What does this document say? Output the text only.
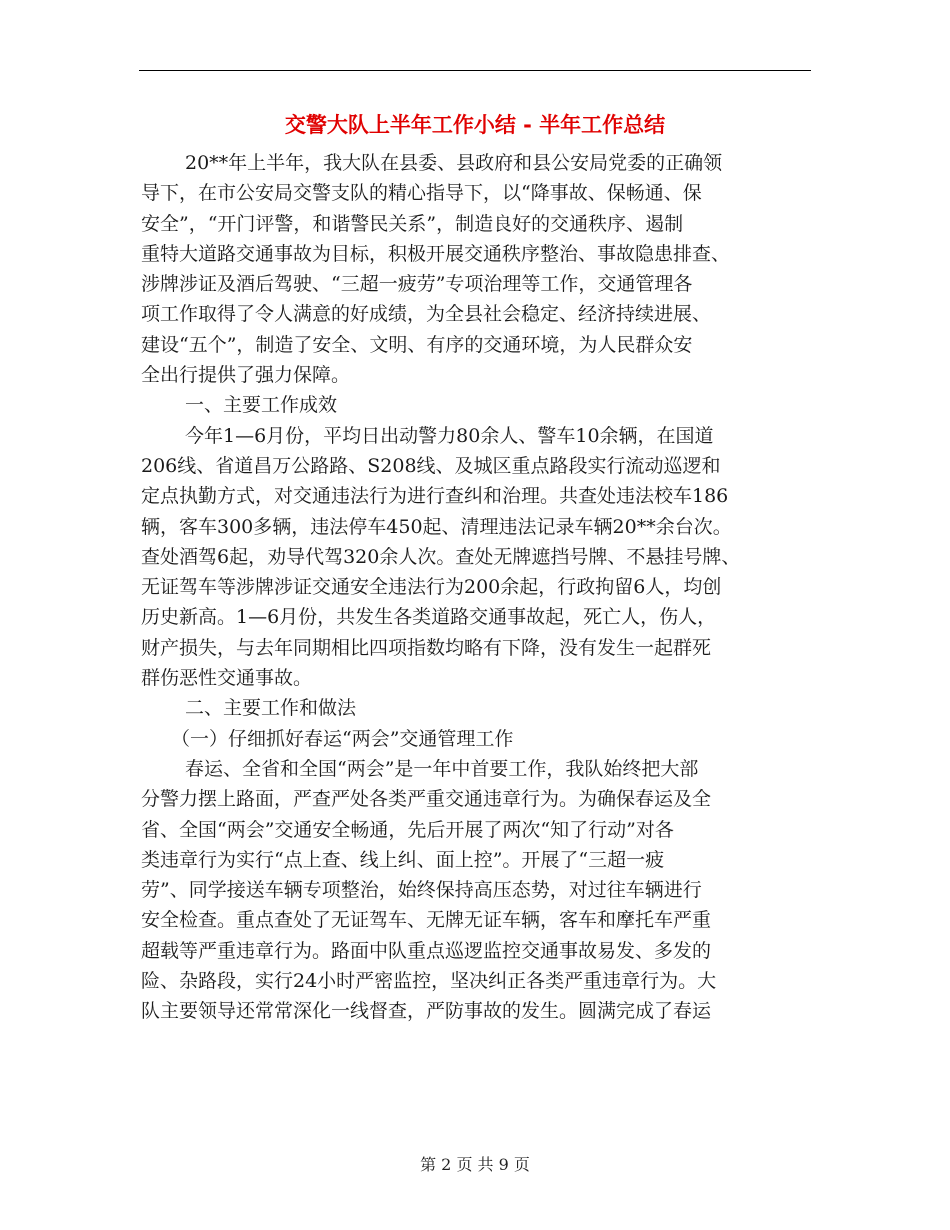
交警大队上半年工作小结 - 半年工作总结
20**年上半年，我大队在县委、县政府和县公安局党委的正确领
导下，在市公安局交警支队的精心指导下，以“降事故、保畅通、保
安全”，“开门评警，和谐警民关系”，制造良好的交通秩序、遏制
重特大道路交通事故为目标，积极开展交通秩序整治、事故隐患排查、
涉牌涉证及酒后驾驶、“三超一疲劳”专项治理等工作，交通管理各
项工作取得了令人满意的好成绩，为全县社会稳定、经济持续进展、
建设“五个”，制造了安全、文明、有序的交通环境，为人民群众安
全出行提供了强力保障。
一、主要工作成效
今年1—6月份，平均日出动警力80余人、警车10余辆，在国道
206线、省道昌万公路路、S208线、及城区重点路段实行流动巡逻和
定点执勤方式，对交通违法行为进行查纠和治理。共查处违法校车186
辆，客车300多辆，违法停车450起、清理违法记录车辆20**余台次。
查处酒驾6起，劝导代驾320余人次。查处无牌遮挡号牌、不悬挂号牌、
无证驾车等涉牌涉证交通安全违法行为200余起，行政拘留6人，均创
历史新高。1—6月份，共发生各类道路交通事故起，死亡人，伤人，
财产损失，与去年同期相比四项指数均略有下降，没有发生一起群死
群伤恶性交通事故。
二、主要工作和做法
（一）仔细抓好春运“两会”交通管理工作
春运、全省和全国“两会”是一年中首要工作，我队始终把大部
分警力摆上路面，严查严处各类严重交通违章行为。为确保春运及全
省、全国“两会”交通安全畅通，先后开展了两次“知了行动”对各
类违章行为实行“点上查、线上纠、面上控”。开展了“三超一疲
劳”、同学接送车辆专项整治，始终保持高压态势，对过往车辆进行
安全检查。重点查处了无证驾车、无牌无证车辆，客车和摩托车严重
超载等严重违章行为。路面中队重点巡逻监控交通事故易发、多发的
险、杂路段，实行24小时严密监控，坚决纠正各类严重违章行为。大
队主要领导还常常深化一线督查，严防事故的发生。圆满完成了春运
第 2 页 共 9 页
